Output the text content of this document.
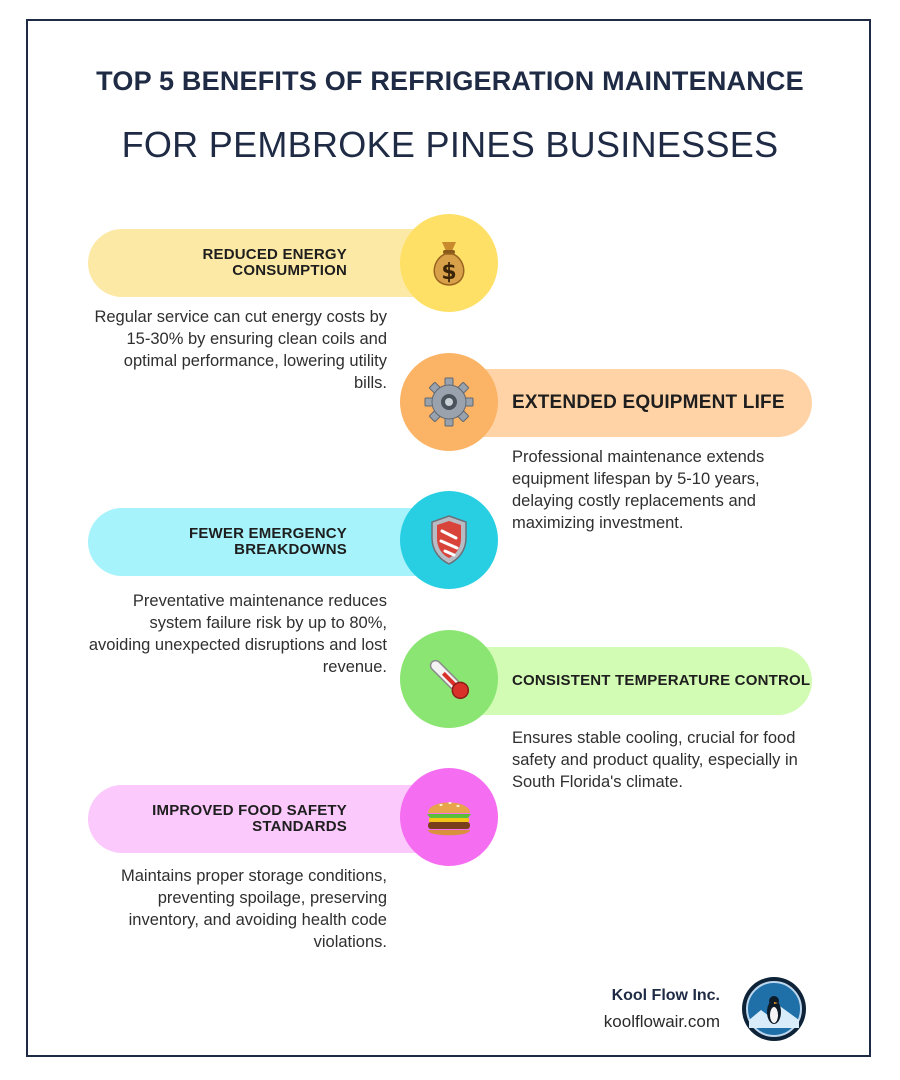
TOP 5 BENEFITS OF REFRIGERATION MAINTENANCE
FOR PEMBROKE PINES BUSINESSES
REDUCED ENERGY CONSUMPTION	$

Regular service can cut energy costs by 15-30% by ensuring clean coils and optimal performance, lowering utility bills.

EXTENDED EQUIPMENT LIFE

Professional maintenance extends equipment lifespan by 5-10 years, delaying costly replacements and maximizing investment.

FEWER EMERGENCY BREAKDOWNS

Preventative maintenance reduces system failure risk by up to 80%, avoiding unexpected disruptions and lost revenue.

CONSISTENT TEMPERATURE CONTROL

Ensures stable cooling, crucial for food safety and product quality, especially in South Florida's climate.

IMPROVED FOOD SAFETY STANDARDS

Maintains proper storage conditions, preventing spoilage, preserving inventory, and avoiding health code violations.

Kool Flow Inc.
koolflowair.com
